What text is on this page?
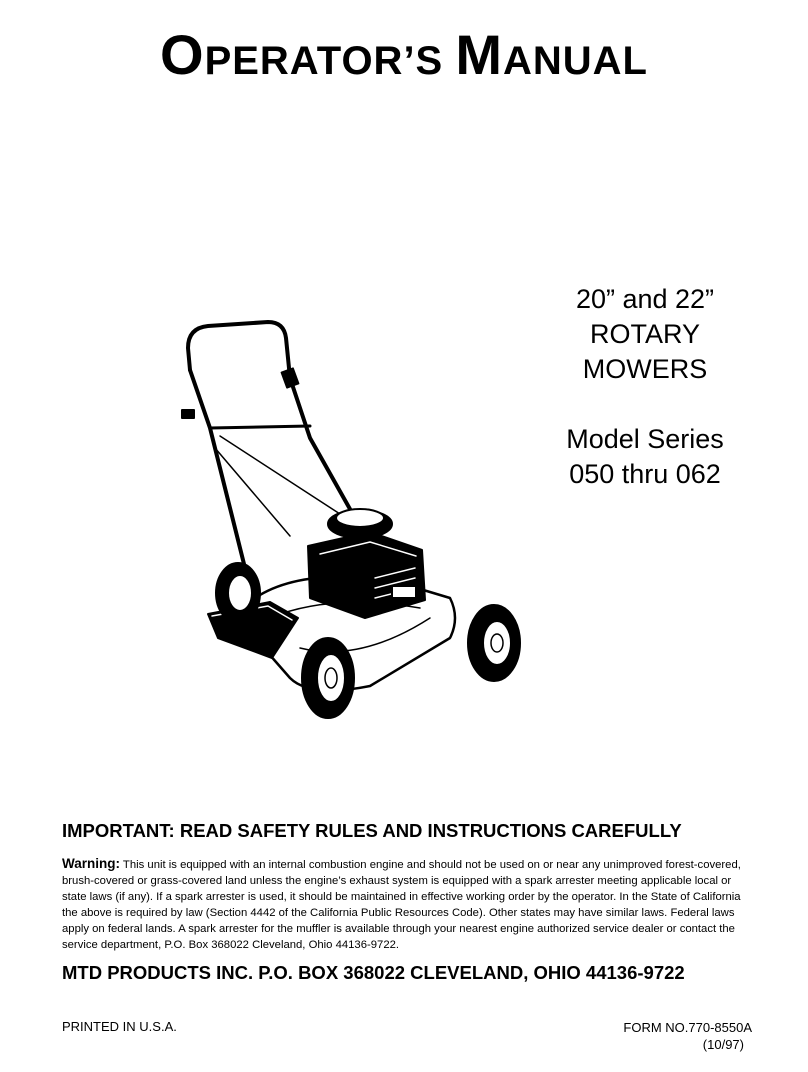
OPERATOR’S MANUAL
20” and 22”
ROTARY
MOWERS
Model Series
050 thru 062
IMPORTANT: READ SAFETY RULES AND INSTRUCTIONS CAREFULLY
Warning: This unit is equipped with an internal combustion engine and should not be used on or near any unimproved forest-covered, brush-covered or grass-covered land unless the engine’s exhaust system is equipped with a spark arrester meeting applicable local or state laws (if any). If a spark arrester is used, it should be maintained in effective working order by the operator. In the State of California the above is required by law (Section 4442 of the California Public Resources Code). Other states may have similar laws. Federal laws apply on federal lands. A spark arrester for the muffler is available through your nearest engine authorized service dealer or contact the service department, P.O. Box 368022 Cleveland, Ohio 44136-9722.
MTD PRODUCTS INC. P.O. BOX 368022 CLEVELAND, OHIO 44136-9722
PRINTED IN U.S.A.	FORM NO.770-8550A
(10/97)
